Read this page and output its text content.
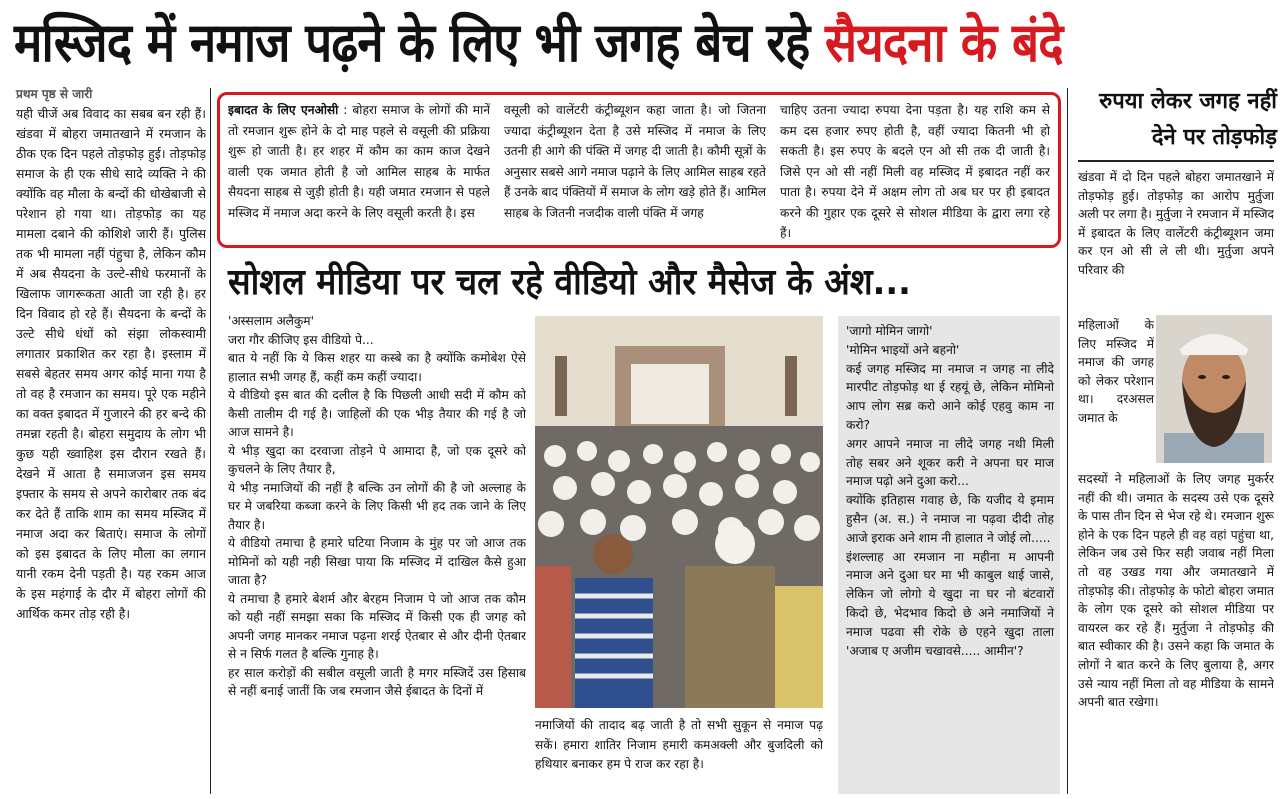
मस्जिद में नमाज पढ़ने के लिए भी जगह बेच रहे सैयदना के बंदे
प्रथम पृष्ठ से जारी
यही चीजें अब विवाद का सबब बन रही हैं। खंडवा में बोहरा जमातखाने में रमजान के ठीक एक दिन पहले तोड़फोड़ हुई। तोड़फोड़ समाज के ही एक सीधे सादे व्यक्ति ने की क्योंकि वह मौला के बन्दों की धोखेबाजी से परेशान हो गया था। तोड़फोड़ का यह मामला दबाने की कोशिशे जारी हैं। पुलिस तक भी मामला नहीं पंहुचा है, लेकिन कौम में अब सैयदना के उल्टे-सीधे फरमानों के खिलाफ जागरूकता आती जा रही है। हर दिन विवाद हो रहे हैं। सैयदना के बन्दों के उल्टे सीधे धंधों को संझा लोकस्वामी लगातार प्रकाशित कर रहा है। इस्लाम में सबसे बेहतर समय अगर कोई माना गया है तो वह है रमजान का समय। पूरे एक महीने का वक्त इबादत में गुजारने की हर बन्दे की तमन्ना रहती है। बोहरा समुदाय के लोग भी कुछ यही ख्वाहिश इस दौरान रखते हैं। देखने में आता है समाजजन इस समय इफ्तार के समय से अपने कारोबार तक बंद कर देते हैं ताकि शाम का समय मस्जिद में नमाज अदा कर बिताएं। समाज के लोगों को इस इबादत के लिए मौला का लगान यानी रकम देनी पड़ती है। यह रकम आज के इस महंगाई के दौर में बोहरा लोगों की आर्थिक कमर तोड़ रही है।
इबादत के लिए एनओसी : बोहरा समाज के लोगों की मानें तो रमजान शुरू होने के दो माह पहले से वसूली की प्रक्रिया शुरू हो जाती है। हर शहर में कौम का काम काज देखने वाली एक जमात होती है जो आमिल साहब के मार्फत सैयदना साहब से जुड़ी होती है। यही जमात रमजान से पहले मस्जिद में नमाज अदा करने के लिए वसूली करती है। इस
वसूली को वालेंटरी कंट्रीब्यूशन कहा जाता है। जो जितना ज्यादा कंट्रीब्यूशन देता है उसे मस्जिद में नमाज के लिए उतनी ही आगे की पंक्ति में जगह दी जाती है। कौमी सूत्रों के अनुसार सबसे आगे नमाज पढ़ाने के लिए आमिल साहब रहते हैं उनके बाद पंक्तियों में समाज के लोग खड़े होते हैं। आमिल साहब के जितनी नजदीक वाली पंक्ति में जगह
चाहिए उतना ज्यादा रुपया देना पड़ता है। यह राशि कम से कम दस हजार रुपए होती है, वहीं ज्यादा कितनी भी हो सकती है। इस रुपए के बदले एन ओ सी तक दी जाती है। जिसे एन ओ सी नहीं मिली वह मस्जिद में इबादत नहीं कर पाता है। रुपया देने में अक्षम लोग तो अब घर पर ही इबादत करने की गुहार एक दूसरे से सोशल मीडिया के द्वारा लगा रहे हैं।
सोशल मीडिया पर चल रहे वीडियो और मैसेज के अंश...

'अस्सलाम अलैकुम'

जरा गौर कीजिए इस वीडियो पे...

बात ये नहीं कि ये किस शहर या कस्बे का है क्योंकि कमोबेश ऐसे हालात सभी जगह हैं, कहीं कम कहीं ज्यादा।

ये वीडियो इस बात की दलील है कि पिछली आधी सदी में कौम को कैसी तालीम दी गई है। जाहिलों की एक भीड़ तैयार की गई है जो आज सामने है।

ये भीड़ खुदा का दरवाजा तोड़ने पे आमादा है, जो एक दूसरे को कुचलने के लिए तैयार है,

ये भीड़ नमाजियों की नहीं है बल्कि उन लोगों की है जो अल्लाह के घर मे जबरिया कब्जा करने के लिए किसी भी हद तक जाने के लिए तैयार है।

ये वीडियो तमाचा है हमारे घटिया निजाम के मुंह पर जो आज तक मोमिनों को यही नही सिखा पाया कि मस्जिद में दाखिल कैसे हुआ जाता है?

ये तमाचा है हमारे बेशर्म और बेरहम निजाम पे जो आज तक कौम को यही नहीं समझा सका कि मस्जिद में किसी एक ही जगह को अपनी जगह मानकर नमाज पढ़ना शरई ऐतबार से और दीनी ऐतबार से न सिर्फ गलत है बल्कि गुनाह है।

हर साल करोड़ों की सबील वसूली जाती है मगर मस्जिदें उस हिसाब से नहीं बनाई जातीं कि जब रमजान जैसे ईबादत के दिनों में

नमाजियों की तादाद बढ़ जाती है तो सभी सुकून से नमाज पढ़ सकें। हमारा शातिर निजाम हमारी कमअक्ली और बुजदिली को हथियार बनाकर हम पे राज कर रहा है।

'जागो मोमिन जागो'

'मोमिन भाइयों अने बहनो'

कई जगह मस्जिद मा नमाज न जगह ना लीदे मारपीट तोड़फोड़ था ई रहयूं छे, लेकिन मोमिनो आप लोग सब्र करो आने कोई एहवु काम ना करो?

अगर आपने नमाज ना लीदे जगह नथी मिली तोह सबर अने शूकर करी ने अपना घर माज नमाज पढ़ो अने दुआ करो...

क्योंकि इतिहास गवाह छे, कि यजीद ये इमाम हुसैन (अ. स.) ने नमाज ना पढ़वा दीदी तोह आजे इराक अने शाम नी हालात ने जोई लो.....

इंशल्लाह आ रमजान ना महीना म आपनी नमाज अने दुआ घर मा भी काबुल थाई जासे, लेकिन जो लोगो ये खुदा ना घर नो बंटवारों किदो छे, भेदभाव किदो छे अने नमाजियों ने नमाज पढवा सी रोके छे एहने खुदा ताला 'अजाब ए अजीम चखावसे..... आमीन'?

रुपया लेकर जगह नहीं देने पर तोड़फोड़
खंडवा में दो दिन पहले बोहरा जमातखाने में तोड़फोड़ हुई। तोड़फोड़ का आरोप मुर्तुजा अली पर लगा है। मुर्तुजा ने रमजान में मस्जिद में इबादत के लिए वालेंटरी कंट्रीब्यूशन जमा कर एन ओ सी ले ली थी। मुर्तुजा अपने परिवार की
महिलाओं के लिए मस्जिद में नमाज की जगह को लेकर परेशान था। दरअसल जमात के
सदस्यों ने महिलाओं के लिए जगह मुकर्रर नहीं की थी। जमात के सदस्य उसे एक दूसरे के पास तीन दिन से भेज रहे थे। रमजान शुरू होने के एक दिन पहले ही वह वहां पहुंचा था, लेकिन जब उसे फिर सही जवाब नहीं मिला तो वह उखड गया और जमातखाने में तोड़फोड़ की। तोड़फोड़ के फोटो बोहरा जमात के लोग एक दूसरे को सोशल मीडिया पर वायरल कर रहे हैं। मुर्तुजा ने तोड़फोड़ की बात स्वीकार की है। उसने कहा कि जमात के लोगों ने बात करने के लिए बुलाया है, अगर उसे न्याय नहीं मिला तो वह मीडिया के सामने अपनी बात रखेगा।
